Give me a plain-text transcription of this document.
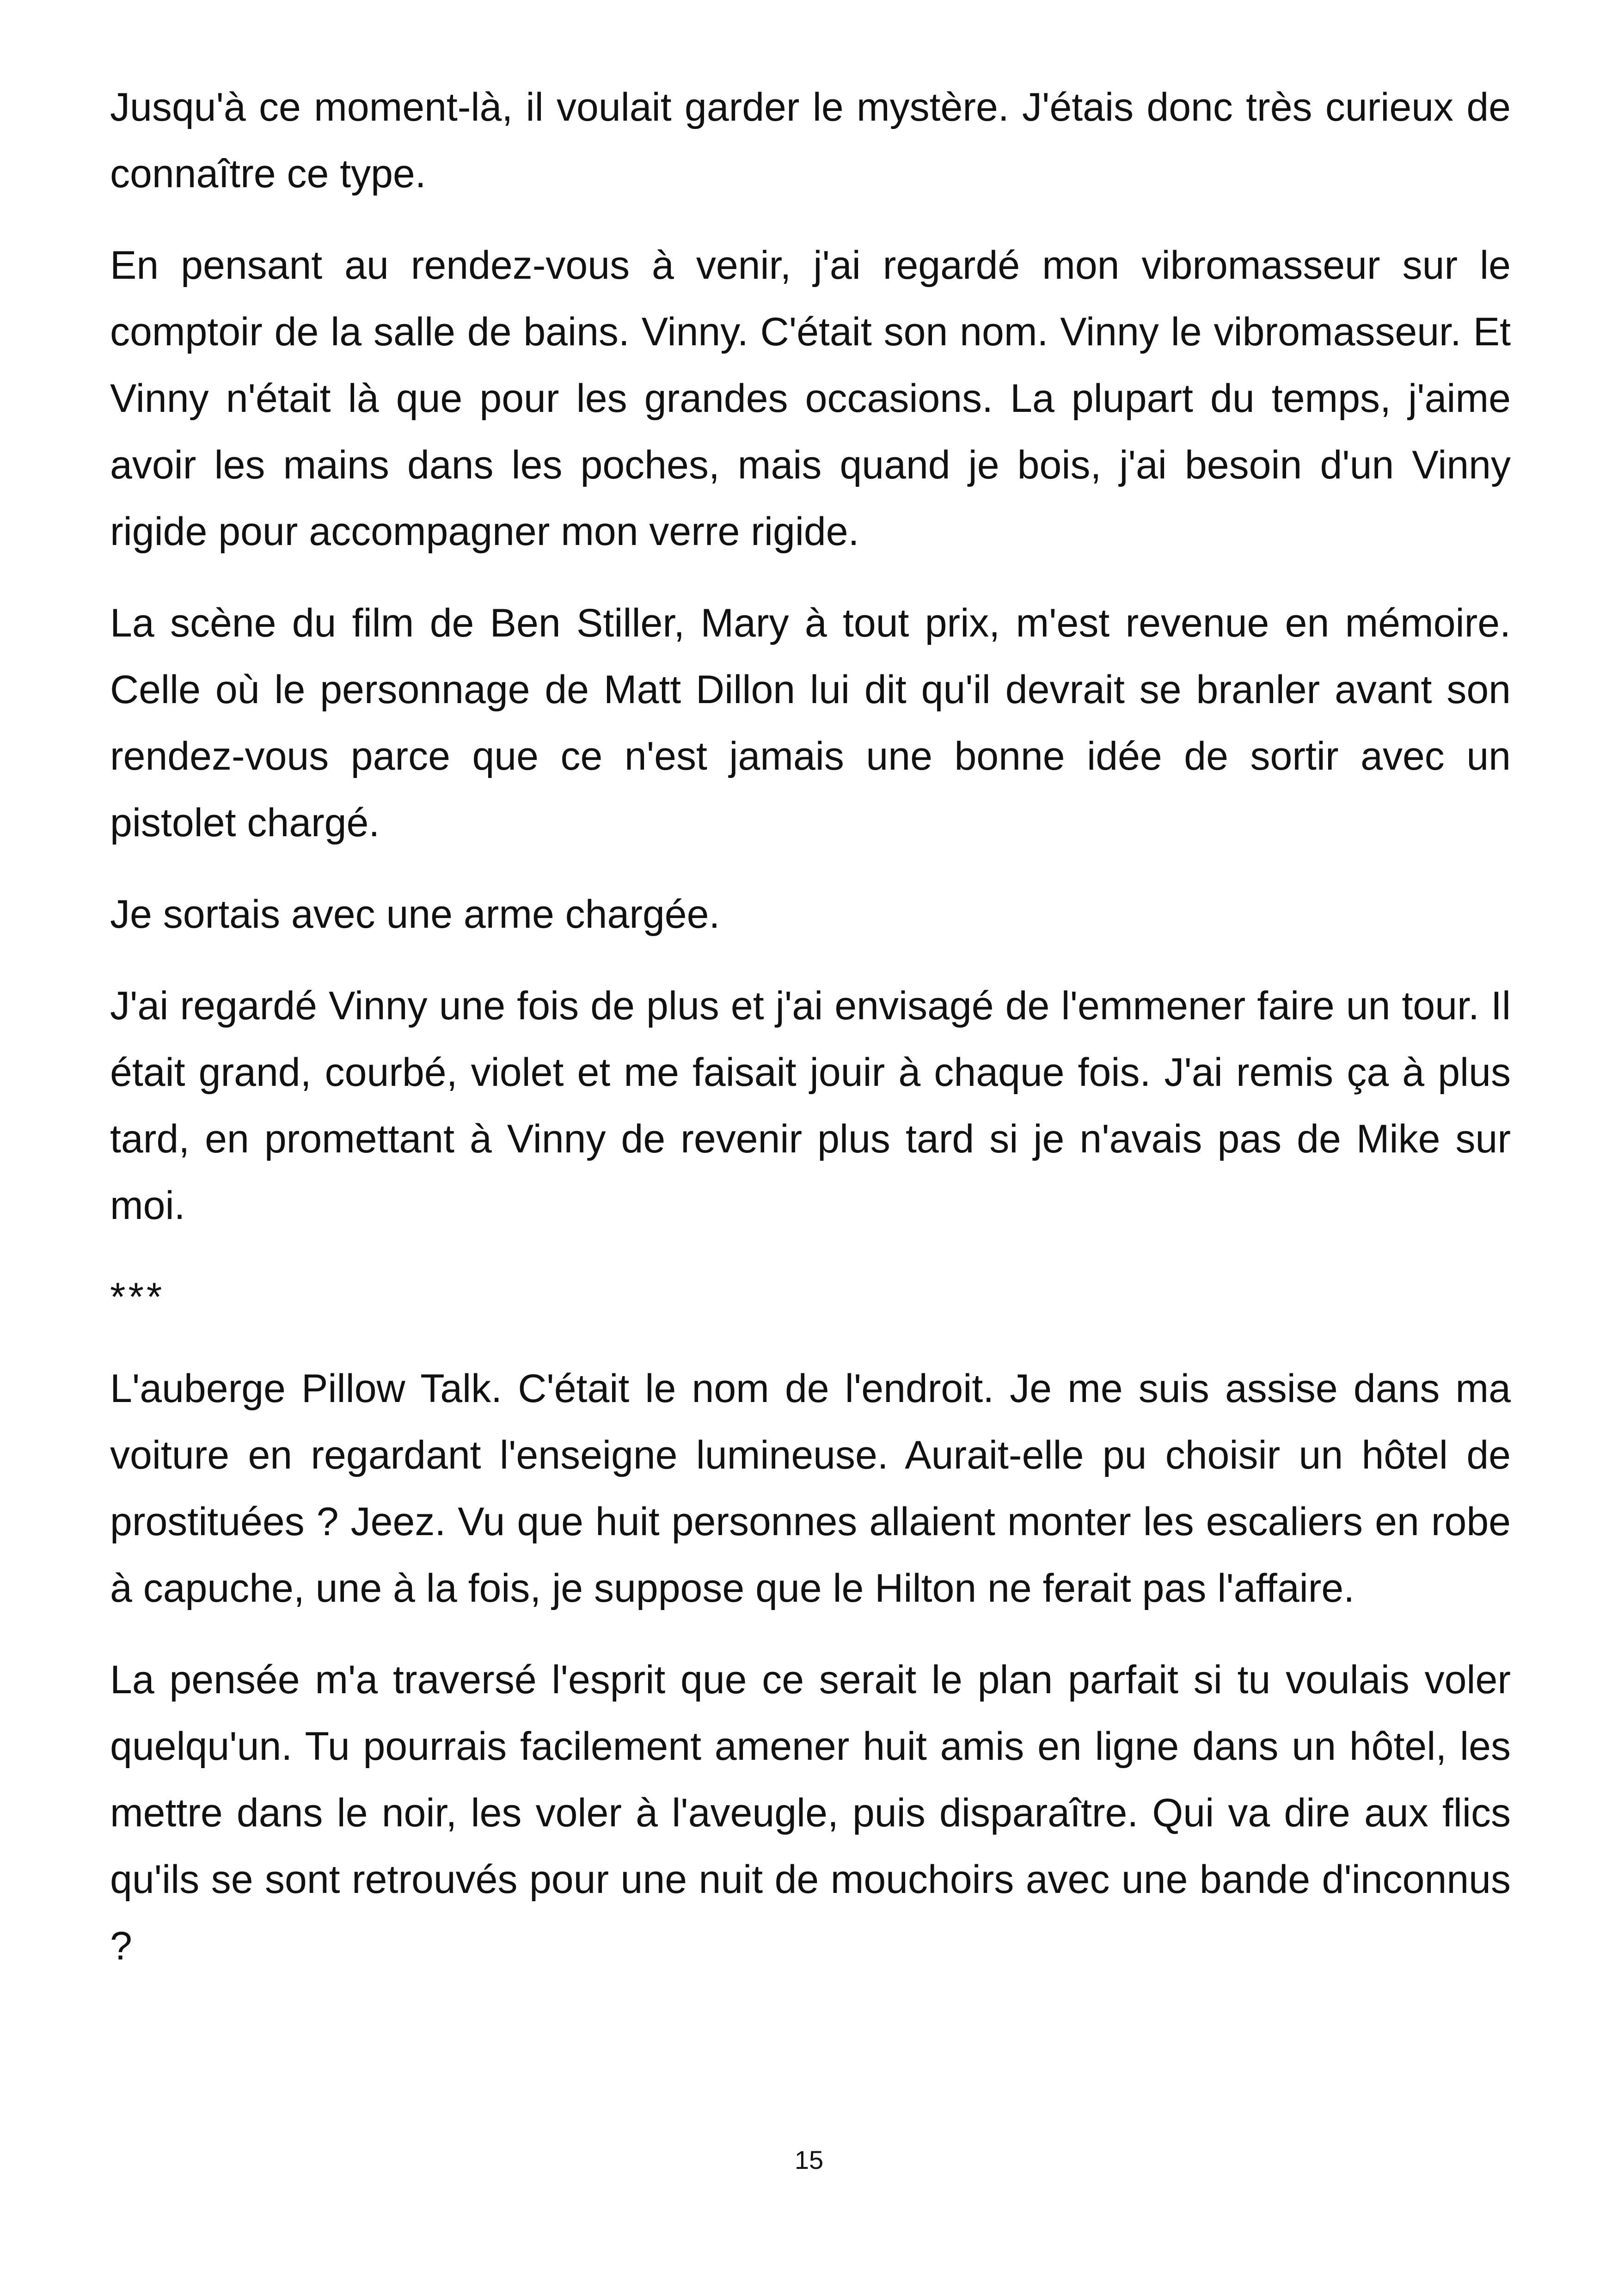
Jusqu'à ce moment-là, il voulait garder le mystère. J'étais donc très curieux de connaître ce type.

En pensant au rendez-vous à venir, j'ai regardé mon vibromasseur sur le comptoir de la salle de bains. Vinny. C'était son nom. Vinny le vibromasseur. Et Vinny n'était là que pour les grandes occasions. La plupart du temps, j'aime avoir les mains dans les poches, mais quand je bois, j'ai besoin d'un Vinny rigide pour accompagner mon verre rigide.

La scène du film de Ben Stiller, Mary à tout prix, m'est revenue en mémoire. Celle où le personnage de Matt Dillon lui dit qu'il devrait se branler avant son rendez-vous parce que ce n'est jamais une bonne idée de sortir avec un pistolet chargé.

Je sortais avec une arme chargée.

J'ai regardé Vinny une fois de plus et j'ai envisagé de l'emmener faire un tour. Il était grand, courbé, violet et me faisait jouir à chaque fois. J'ai remis ça à plus tard, en promettant à Vinny de revenir plus tard si je n'avais pas de Mike sur moi.

***

L'auberge Pillow Talk. C'était le nom de l'endroit. Je me suis assise dans ma voiture en regardant l'enseigne lumineuse. Aurait-elle pu choisir un hôtel de prostituées ? Jeez. Vu que huit personnes allaient monter les escaliers en robe à capuche, une à la fois, je suppose que le Hilton ne ferait pas l'affaire.

La pensée m'a traversé l'esprit que ce serait le plan parfait si tu voulais voler quelqu'un. Tu pourrais facilement amener huit amis en ligne dans un hôtel, les mettre dans le noir, les voler à l'aveugle, puis disparaître. Qui va dire aux flics qu'ils se sont retrouvés pour une nuit de mouchoirs avec une bande d'inconnus ?

15
